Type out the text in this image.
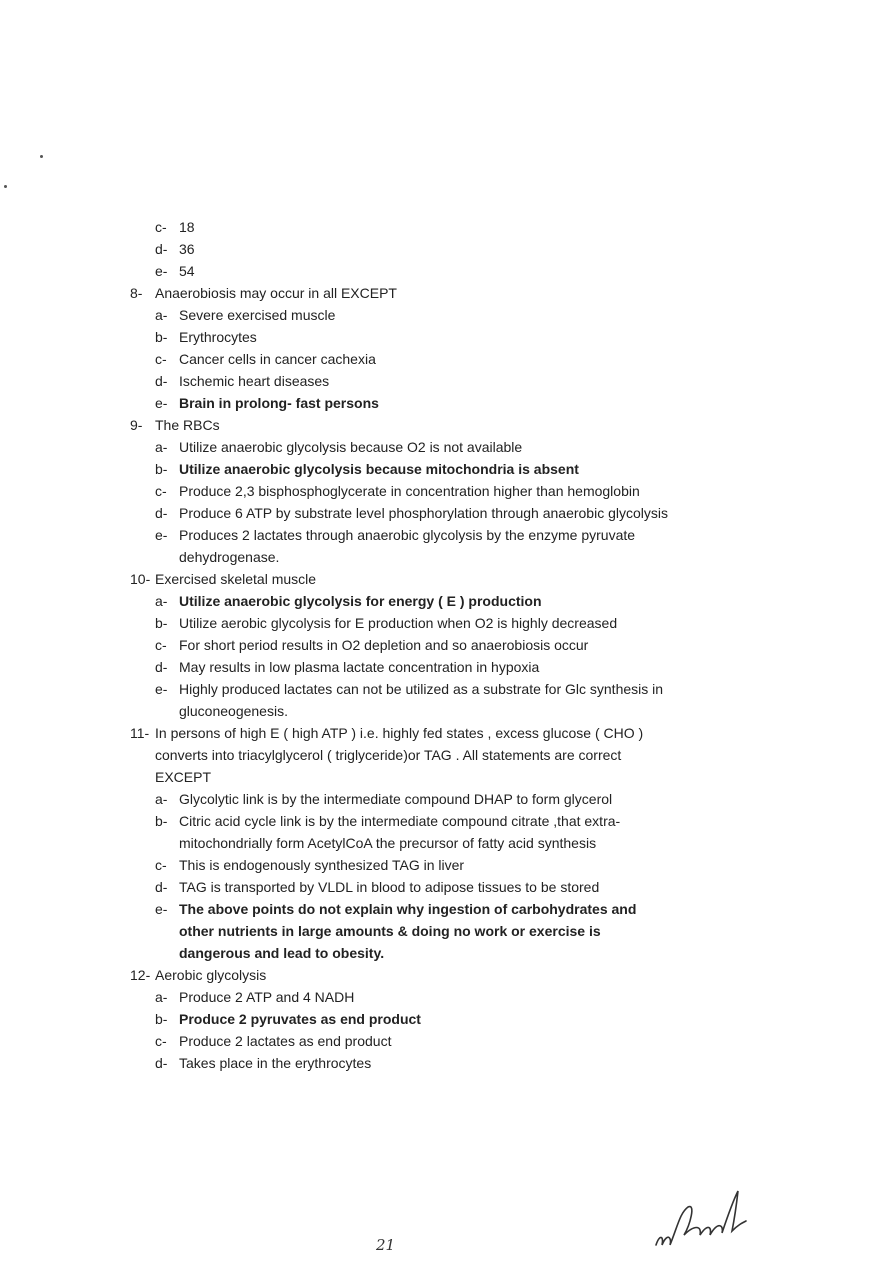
c- 18
d- 36
e- 54
8- Anaerobiosis may occur in all EXCEPT
a- Severe exercised muscle
b- Erythrocytes
c- Cancer cells in cancer cachexia
d- Ischemic heart diseases
e- Brain in prolong- fast persons
9- The RBCs
a- Utilize anaerobic glycolysis because O2 is not available
b- Utilize anaerobic glycolysis because mitochondria is absent
c- Produce 2,3 bisphosphoglycerate in concentration higher than hemoglobin
d- Produce 6 ATP by substrate level phosphorylation through anaerobic glycolysis
e- Produces 2 lactates through anaerobic glycolysis by the enzyme pyruvate dehydrogenase.
10- Exercised skeletal muscle
a- Utilize anaerobic glycolysis for energy ( E ) production
b- Utilize aerobic glycolysis for E production when O2 is highly decreased
c- For short period results in O2 depletion and so anaerobiosis occur
d- May results in low plasma lactate concentration in hypoxia
e- Highly produced lactates can not be utilized as a substrate for Glc synthesis in gluconeogenesis.
11- In persons of high E ( high ATP ) i.e. highly fed states , excess glucose ( CHO ) converts into triacylglycerol ( triglyceride)or TAG . All statements are correct EXCEPT
a- Glycolytic link is by the intermediate compound DHAP to form glycerol
b- Citric acid cycle link is by the intermediate compound citrate ,that extra-mitochondrially form AcetylCoA the precursor of fatty acid synthesis
c- This is endogenously synthesized TAG in liver
d- TAG is transported by VLDL in blood to adipose tissues to be stored
e- The above points do not explain why ingestion of carbohydrates and other nutrients in large amounts & doing no work or exercise is dangerous and lead to obesity.
12- Aerobic glycolysis
a- Produce 2 ATP and 4 NADH
b- Produce 2 pyruvates as end product
c- Produce 2 lactates as end product
d- Takes place in the erythrocytes
21
